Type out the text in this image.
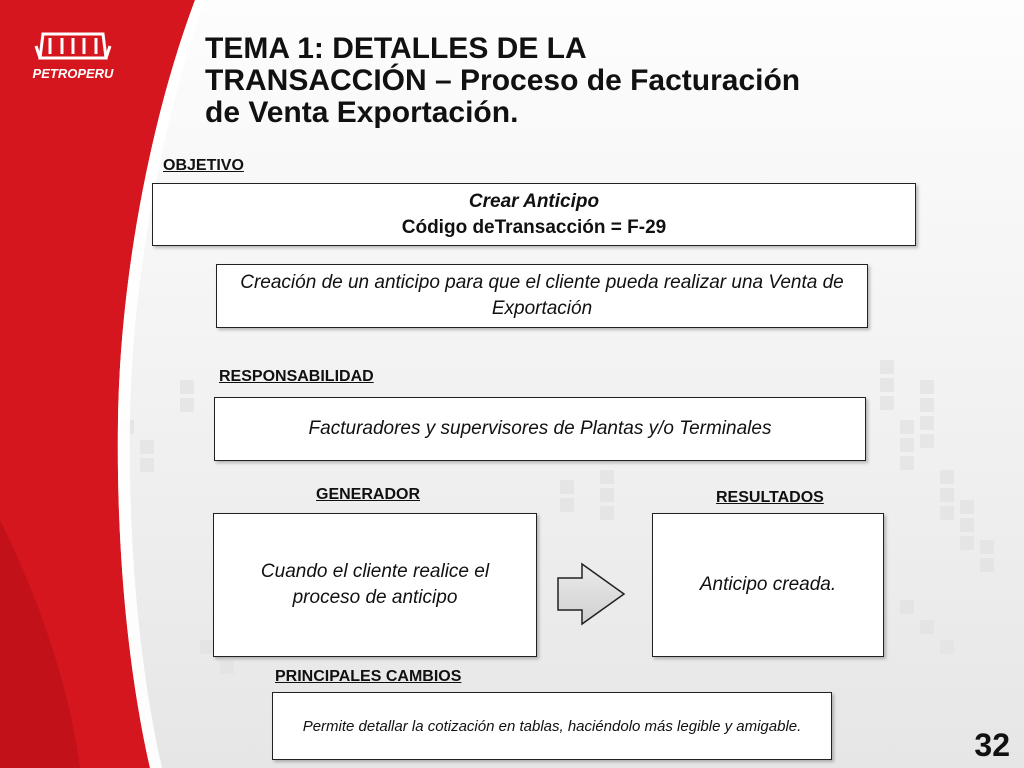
PETROPERU
TEMA 1: DETALLES DE LA
TRANSACCIÓN – Proceso de Facturación
de Venta Exportación.
OBJETIVO
Crear Anticipo
Código deTransacción = F-29
Creación de un anticipo para que el cliente pueda realizar una Venta de Exportación
RESPONSABILIDAD
Facturadores y supervisores de Plantas y/o Terminales
GENERADOR
Cuando el cliente realice el proceso de anticipo
RESULTADOS
Anticipo creada.
PRINCIPALES CAMBIOS
Permite detallar la cotización en tablas, haciéndolo más legible y amigable.
32
